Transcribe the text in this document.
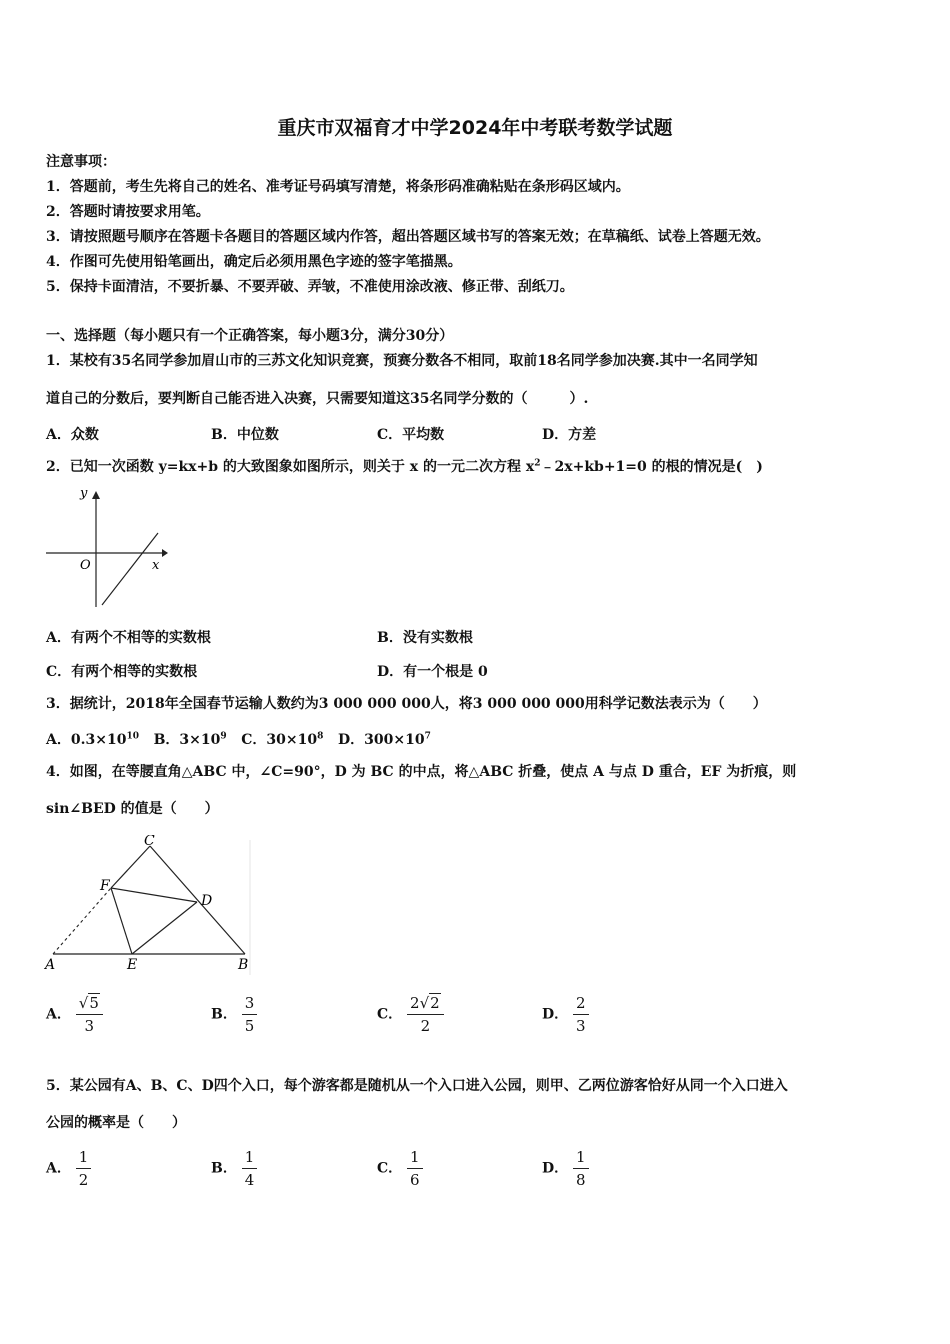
重庆市双福育才中学2024年中考联考数学试题
注意事项：
1．答题前，考生先将自己的姓名、准考证号码填写清楚，将条形码准确粘贴在条形码区域内。
2．答题时请按要求用笔。
3．请按照题号顺序在答题卡各题目的答题区域内作答，超出答题区域书写的答案无效；在草稿纸、试卷上答题无效。
4．作图可先使用铅笔画出，确定后必须用黑色字迹的签字笔描黑。
5．保持卡面清洁，不要折暴、不要弄破、弄皱，不准使用涂改液、修正带、刮纸刀。
一、选择题（每小题只有一个正确答案，每小题3分，满分30分）
1．某校有35名同学参加眉山市的三苏文化知识竞赛，预赛分数各不相同，取前18名同学参加决赛.其中一名同学知
道自己的分数后，要判断自己能否进入决赛，只需要知道这35名同学分数的（　　　）.
A．众数	B．中位数	C．平均数	D．方差
2．已知一次函数 y=kx+b 的大致图象如图所示，则关于 x 的一元二次方程 $x^2﹣2x+kb+1=0$ 的根的情况是(　)
y
x
O
A．有两个不相等的实数根	B．没有实数根
C．有两个相等的实数根	D．有一个根是 0
3．据统计，2018年全国春节运输人数约为3 000 000 000人，将3 000 000 000用科学记数法表示为（　　）
A．$0.3\times 10^{10}$ B．$3\times 10^9$ C．$30\times 10^8$ D．$300\times 10^7$
4．如图，在等腰直角△ABC 中，∠C=90°，D 为 BC 的中点，将△ABC 折叠，使点 A 与点 D 重合，EF 为折痕，则
sin∠BED 的值是（　　）
C
F
D
A	E	B
A． $\frac{√5}{3}$	B． $\frac{3}{5}$	C． $\frac{2√2}{2}$	D． $\frac{2}{3}$
5．某公园有A、B、C、D四个入口，每个游客都是随机从一个入口进入公园，则甲、乙两位游客恰好从同一个入口进入
公园的概率是（　　）
A． $\frac{1}{2}$	B． $\frac{1}{4}$	C． $\frac{1}{6}$	D． $\frac{1}{8}$
